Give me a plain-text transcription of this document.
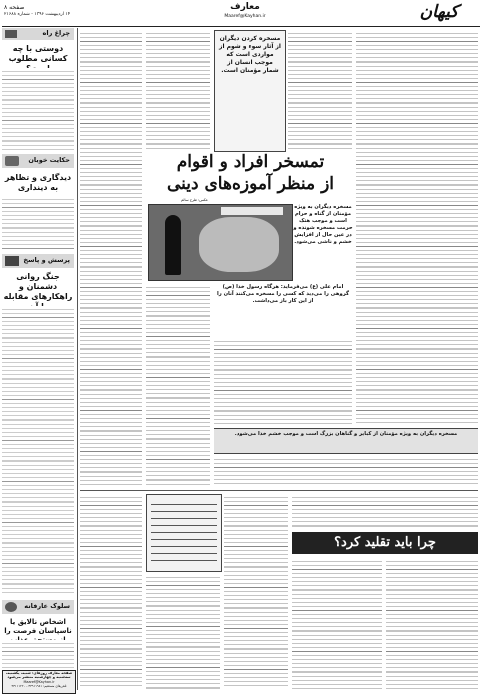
صفحه ۸
۱۴ اردیبهشت ۱۳۹۶ - شماره ۲۱۶۸۸
معارف
Maaref@Kayhan.ir	کیهان
چراغ راه
دوستی با چه کسانی مطلوب
حکایت خوبان
دیدگاری و تظاهر به دینداری
پرسش و پاسخ
جنگ روانی دشمنان و راهکارهای مقابله
سلوک عارفانه
اشخاص نالایق یا ناسپاسان فرصت را
صفحه معارف روزهای: شنبه، یکشنبه،
سه‌شنبه و چهارشنبه منتشر می‌شود
Maaref@Kayhan.ir
تلفن‌های مستقیم: ۳۳۹۱۱۹۸۱ - ۳۳۱۱۱۲۲۰
مسخره کردن دیگران از آثار سوء و شوم از مواردی است که موجب انسان از شمار مؤمنان است.
تمسخر افراد و اقوام
از منظر آموزه‌های دینی
عکس: طرح سالم
مسخره دیگران به ویژه مؤمنان از گناه و حرام است و موجب هتک حرمت مسخره شونده و در عین حال از افزایش خشم و ناشی می‌شود.
امام علی (ع) می‌فرماید: هرگاه رسول خدا (ص) گروهی را می‌دید که کسی را مسخره می‌کنند آنان را از این کار باز می‌داشت.
مسخره دیگران به ویژه مؤمنان از کبایر و گناهان بزرگ است و موجب خشم خدا می‌شود.
چرا باید تقلید کرد؟
